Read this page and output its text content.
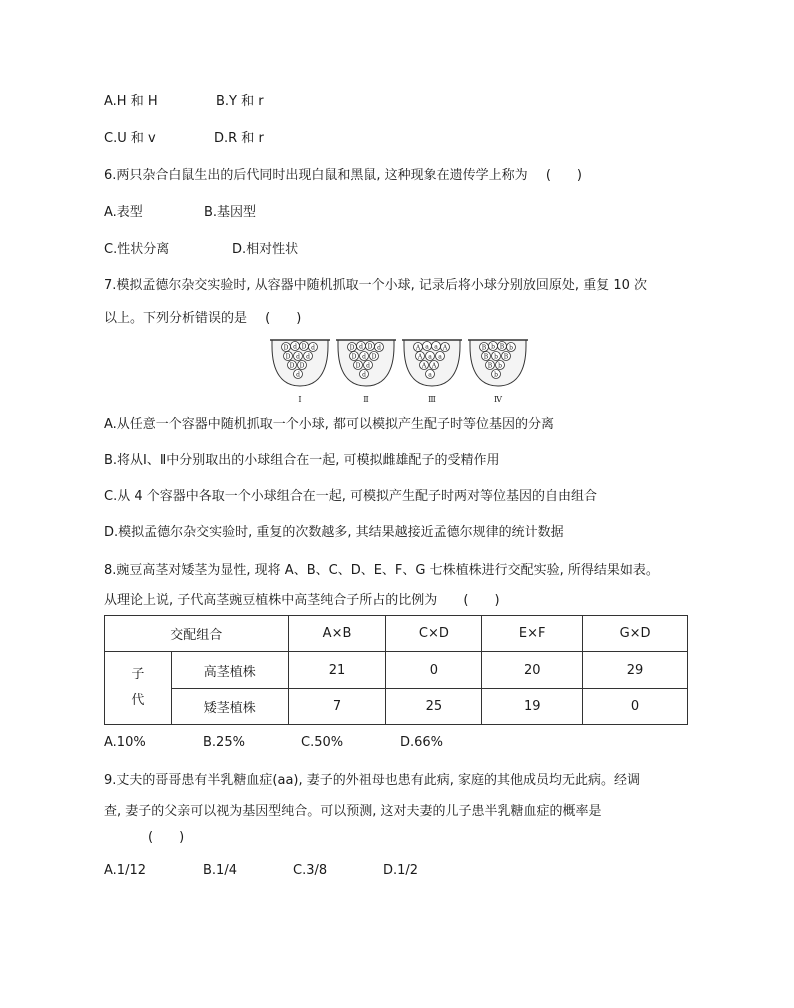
A.H 和 H	B.Y 和 r
C.U 和 v	D.R 和 r
6.两只杂合白鼠生出的后代同时出现白鼠和黑鼠, 这种现象在遗传学上称为 (　　)
A.表型	B.基因型
C.性状分离	D.相对性状
7.模拟孟德尔杂交实验时, 从容器中随机抓取一个小球, 记录后将小球分别放回原处, 重复 10 次
以上。下列分析错误的是 (　　)
D d D d
D d d
D D
d
Ⅰ
D d D d
D d D
D d
d
Ⅱ
A a a A
A a a
A A
a
Ⅲ
B b B b
B b B
B b
b
Ⅳ
A.从任意一个容器中随机抓取一个小球, 都可以模拟产生配子时等位基因的分离
B.将从Ⅰ、Ⅱ中分别取出的小球组合在一起, 可模拟雌雄配子的受精作用
C.从 4 个容器中各取一个小球组合在一起, 可模拟产生配子时两对等位基因的自由组合
D.模拟孟德尔杂交实验时, 重复的次数越多, 其结果越接近孟德尔规律的统计数据
8.豌豆高茎对矮茎为显性, 现将 A、B、C、D、E、F、G 七株植株进行交配实验, 所得结果如表。
从理论上说, 子代高茎豌豆植株中高茎纯合子所占的比例为 (　　)
交配组合		A×B	C×D	E×F	G×D
子
代	高茎植株	21	0	20	29
	矮茎植株	7	25	19	0
A.10%	B.25%	C.50%	D.66%
9.丈夫的哥哥患有半乳糖血症(aa), 妻子的外祖母也患有此病, 家庭的其他成员均无此病。经调
查, 妻子的父亲可以视为基因型纯合。可以预测, 这对夫妻的儿子患半乳糖血症的概率是
(　　)
A.1/12	B.1/4	C.3/8	D.1/2
